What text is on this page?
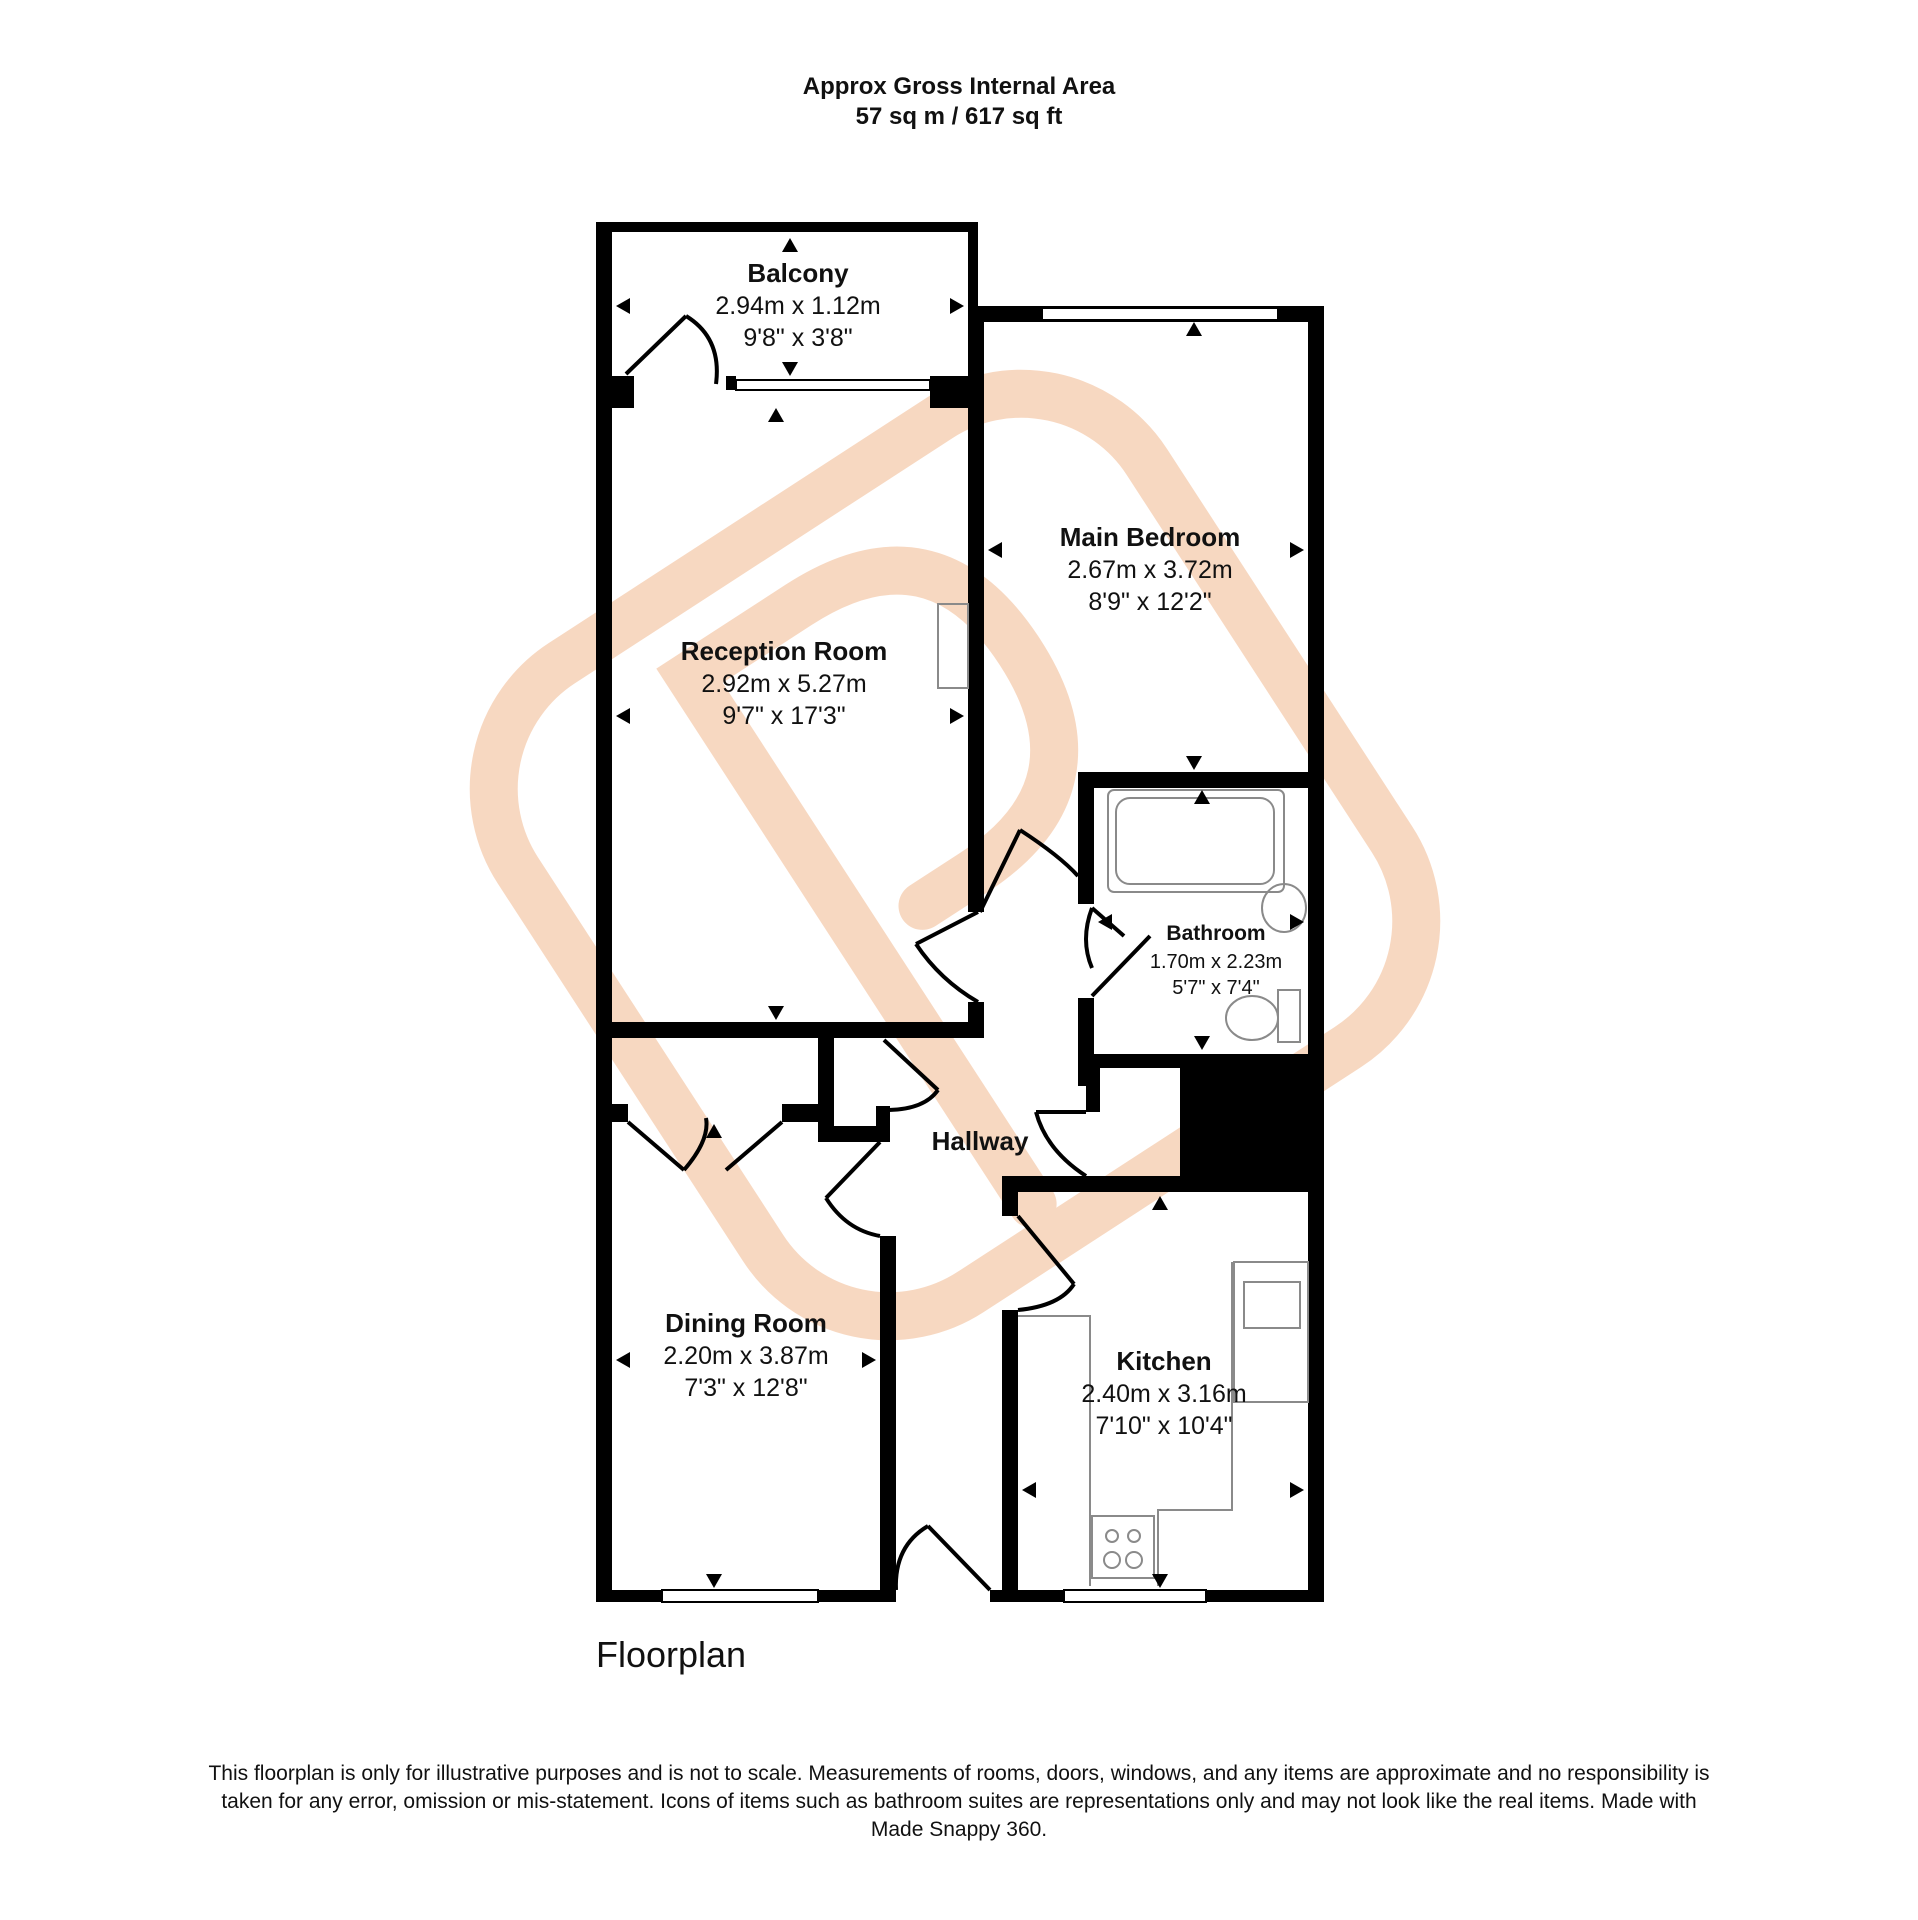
Approx Gross Internal Area
57 sq m / 617 sq ft
Balcony
2.94m x 1.12m
9'8" x 3'8"
Main Bedroom
2.67m x 3.72m
8'9" x 12'2"
Reception Room
2.92m x 5.27m
9'7" x 17'3"
Bathroom
1.70m x 2.23m
5'7" x 7'4"
Hallway
Dining Room
2.20m x 3.87m
7'3" x 12'8"
Kitchen
2.40m x 3.16m
7'10" x 10'4"
Floorplan
This floorplan is only for illustrative purposes and is not to scale. Measurements of rooms, doors, windows, and any items are approximate and no responsibility is taken for any error, omission or mis-statement. Icons of items such as bathroom suites are representations only and may not look like the real items. Made with Made Snappy 360.
